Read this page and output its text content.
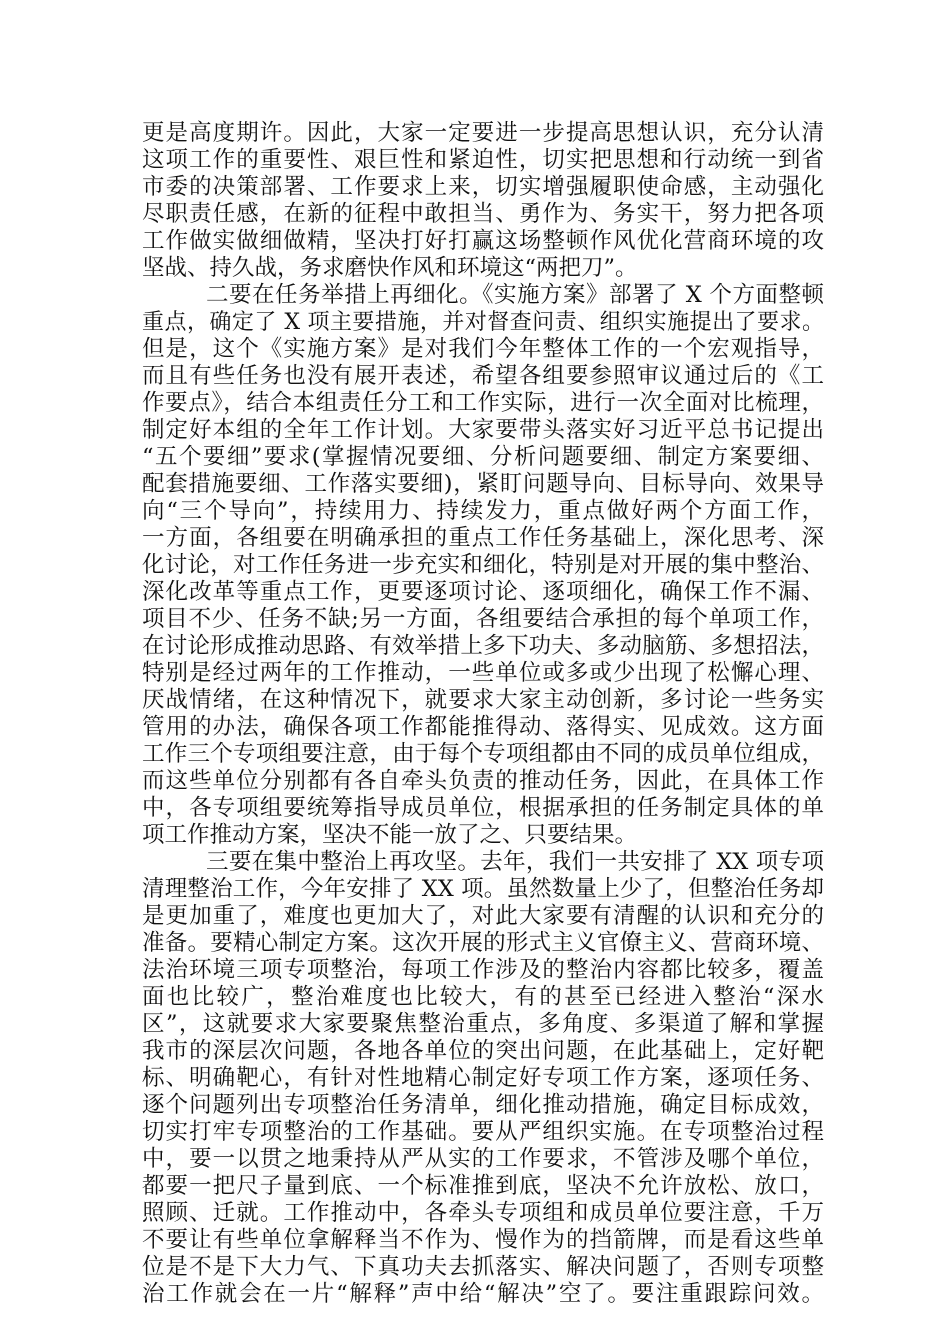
更是高度期许。因此，大家一定要进一步提高思想认识，充分认清
这项工作的重要性、艰巨性和紧迫性，切实把思想和行动统一到省
市委的决策部署、工作要求上来，切实增强履职使命感，主动强化
尽职责任感，在新的征程中敢担当、勇作为、务实干，努力把各项
工作做实做细做精，坚决打好打赢这场整顿作风优化营商环境的攻
坚战、持久战，务求磨快作风和环境这“两把刀”。
二要在任务举措上再细化。《实施方案》部署了 X 个方面整顿
重点，确定了 X 项主要措施，并对督查问责、组织实施提出了要求。
但是，这个《实施方案》是对我们今年整体工作的一个宏观指导，
而且有些任务也没有展开表述，希望各组要参照审议通过后的《工
作要点》，结合本组责任分工和工作实际，进行一次全面对比梳理，
制定好本组的全年工作计划。大家要带头落实好习近平总书记提出
“五个要细”要求(掌握情况要细、分析问题要细、制定方案要细、
配套措施要细、工作落实要细)，紧盯问题导向、目标导向、效果导
向“三个导向”，持续用力、持续发力，重点做好两个方面工作，
一方面，各组要在明确承担的重点工作任务基础上，深化思考、深
化讨论，对工作任务进一步充实和细化，特别是对开展的集中整治、
深化改革等重点工作，更要逐项讨论、逐项细化，确保工作不漏、
项目不少、任务不缺;另一方面，各组要结合承担的每个单项工作，
在讨论形成推动思路、有效举措上多下功夫、多动脑筋、多想招法，
特别是经过两年的工作推动，一些单位或多或少出现了松懈心理、
厌战情绪，在这种情况下，就要求大家主动创新，多讨论一些务实
管用的办法，确保各项工作都能推得动、落得实、见成效。这方面
工作三个专项组要注意，由于每个专项组都由不同的成员单位组成，
而这些单位分别都有各自牵头负责的推动任务，因此，在具体工作
中，各专项组要统筹指导成员单位，根据承担的任务制定具体的单
项工作推动方案，坚决不能一放了之、只要结果。
三要在集中整治上再攻坚。去年，我们一共安排了 XX 项专项
清理整治工作，今年安排了 XX 项。虽然数量上少了，但整治任务却
是更加重了，难度也更加大了，对此大家要有清醒的认识和充分的
准备。要精心制定方案。这次开展的形式主义官僚主义、营商环境、
法治环境三项专项整治，每项工作涉及的整治内容都比较多，覆盖
面也比较广，整治难度也比较大，有的甚至已经进入整治“深水
区”，这就要求大家要聚焦整治重点，多角度、多渠道了解和掌握
我市的深层次问题，各地各单位的突出问题，在此基础上，定好靶
标、明确靶心，有针对性地精心制定好专项工作方案，逐项任务、
逐个问题列出专项整治任务清单，细化推动措施，确定目标成效，
切实打牢专项整治的工作基础。要从严组织实施。在专项整治过程
中，要一以贯之地秉持从严从实的工作要求，不管涉及哪个单位，
都要一把尺子量到底、一个标准推到底，坚决不允许放松、放口，
照顾、迁就。工作推动中，各牵头专项组和成员单位要注意，千万
不要让有些单位拿解释当不作为、慢作为的挡箭牌，而是看这些单
位是不是下大力气、下真功夫去抓落实、解决问题了，否则专项整
治工作就会在一片“解释”声中给“解决”空了。要注重跟踪问效。
